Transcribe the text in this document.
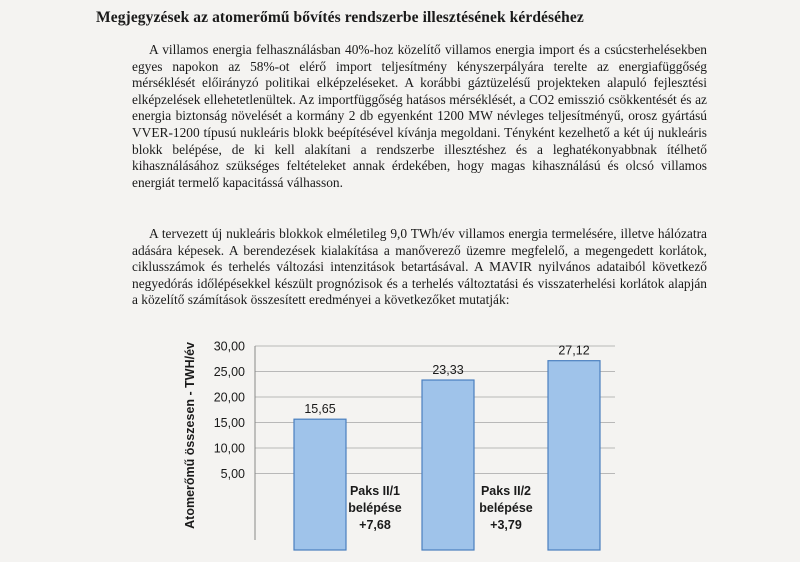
Megjegyzések az atomerőmű bővítés rendszerbe illesztésének kérdéséhez

A villamos energia felhasználásban 40%-hoz közelítő villamos energia import és a csúcsterhelésekben egyes napokon az 58%-ot elérő import teljesítmény kényszerpályára terelte az energiafüggőség mérséklését előirányzó politikai elképzeléseket. A korábbi gáztüzelésű projekteken alapuló fejlesztési elképzelések ellehetetlenültek. Az importfüggőség hatásos mérséklését, a CO2 emisszió csökkentését és az energia biztonság növelését a kormány 2 db egyenként 1200 MW névleges teljesítményű, orosz gyártású VVER-1200 típusú nukleáris blokk beépítésével kívánja megoldani. Tényként kezelhető a két új nukleáris blokk belépése, de ki kell alakítani a rendszerbe illesztéshez és a leghatékonyabbnak ítélhető kihasználásához szükséges feltételeket annak érdekében, hogy magas kihasználású és olcsó villamos energiát termelő kapacitássá válhasson.

A tervezett új nukleáris blokkok elméletileg 9,0 TWh/év villamos energia termelésére, illetve hálózatra adására képesek. A berendezések kialakítása a manőverező üzemre megfelelő, a megengedett korlátok, ciklusszámok és terhelés változási intenzitások betartásával. A MAVIR nyilvános adataiból következő negyedórás időlépésekkel készült prognózisok és a terhelés változtatási és visszaterhelési korlátok alapján a közelítő számítások összesített eredményei a következőket mutatják:

Atomerőmű összesen - TWH/év 30,00
25,00
20,00
15,00
10,00
5,00
15,65
23,33
27,12
Paks II/1
belépése
+7,68
Paks II/2
belépése
+3,79
